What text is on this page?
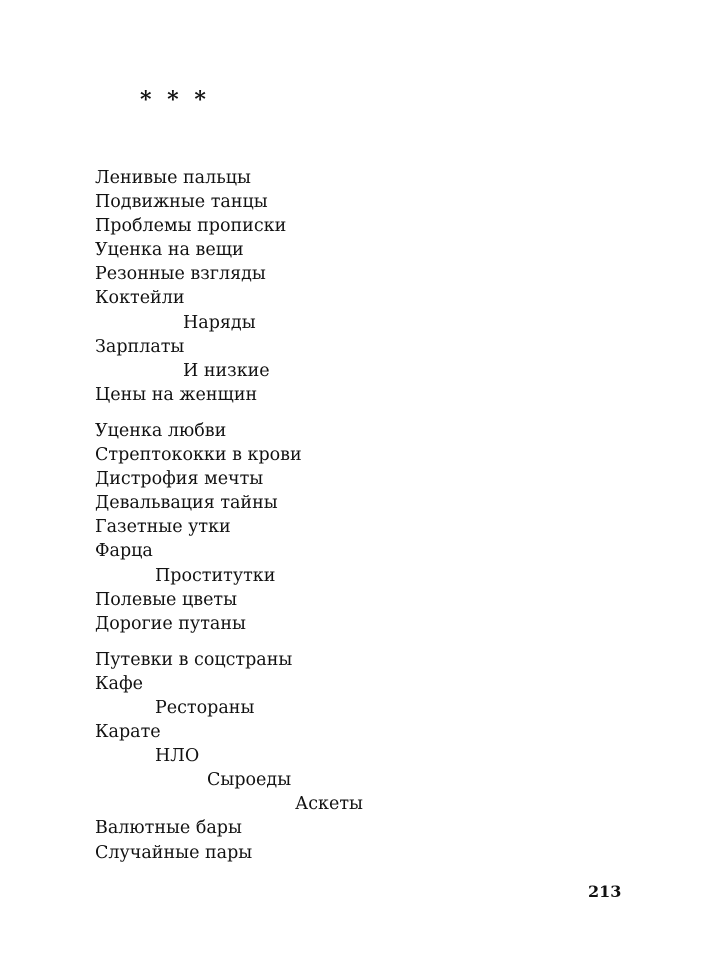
* * *
Ленивые пальцы
Подвижные танцы
Проблемы прописки
Уценка на вещи
Резонные взгляды
Коктейли
Наряды
Зарплаты
И низкие
Цены на женщин
Уценка любви
Стрептококки в крови
Дистрофия мечты
Девальвация тайны
Газетные утки
Фарца
Проститутки
Полевые цветы
Дорогие путаны
Путевки в соцстраны
Кафе
Рестораны
Карате
НЛО
Сыроеды
Аскеты
Валютные бары
Случайные пары
213
